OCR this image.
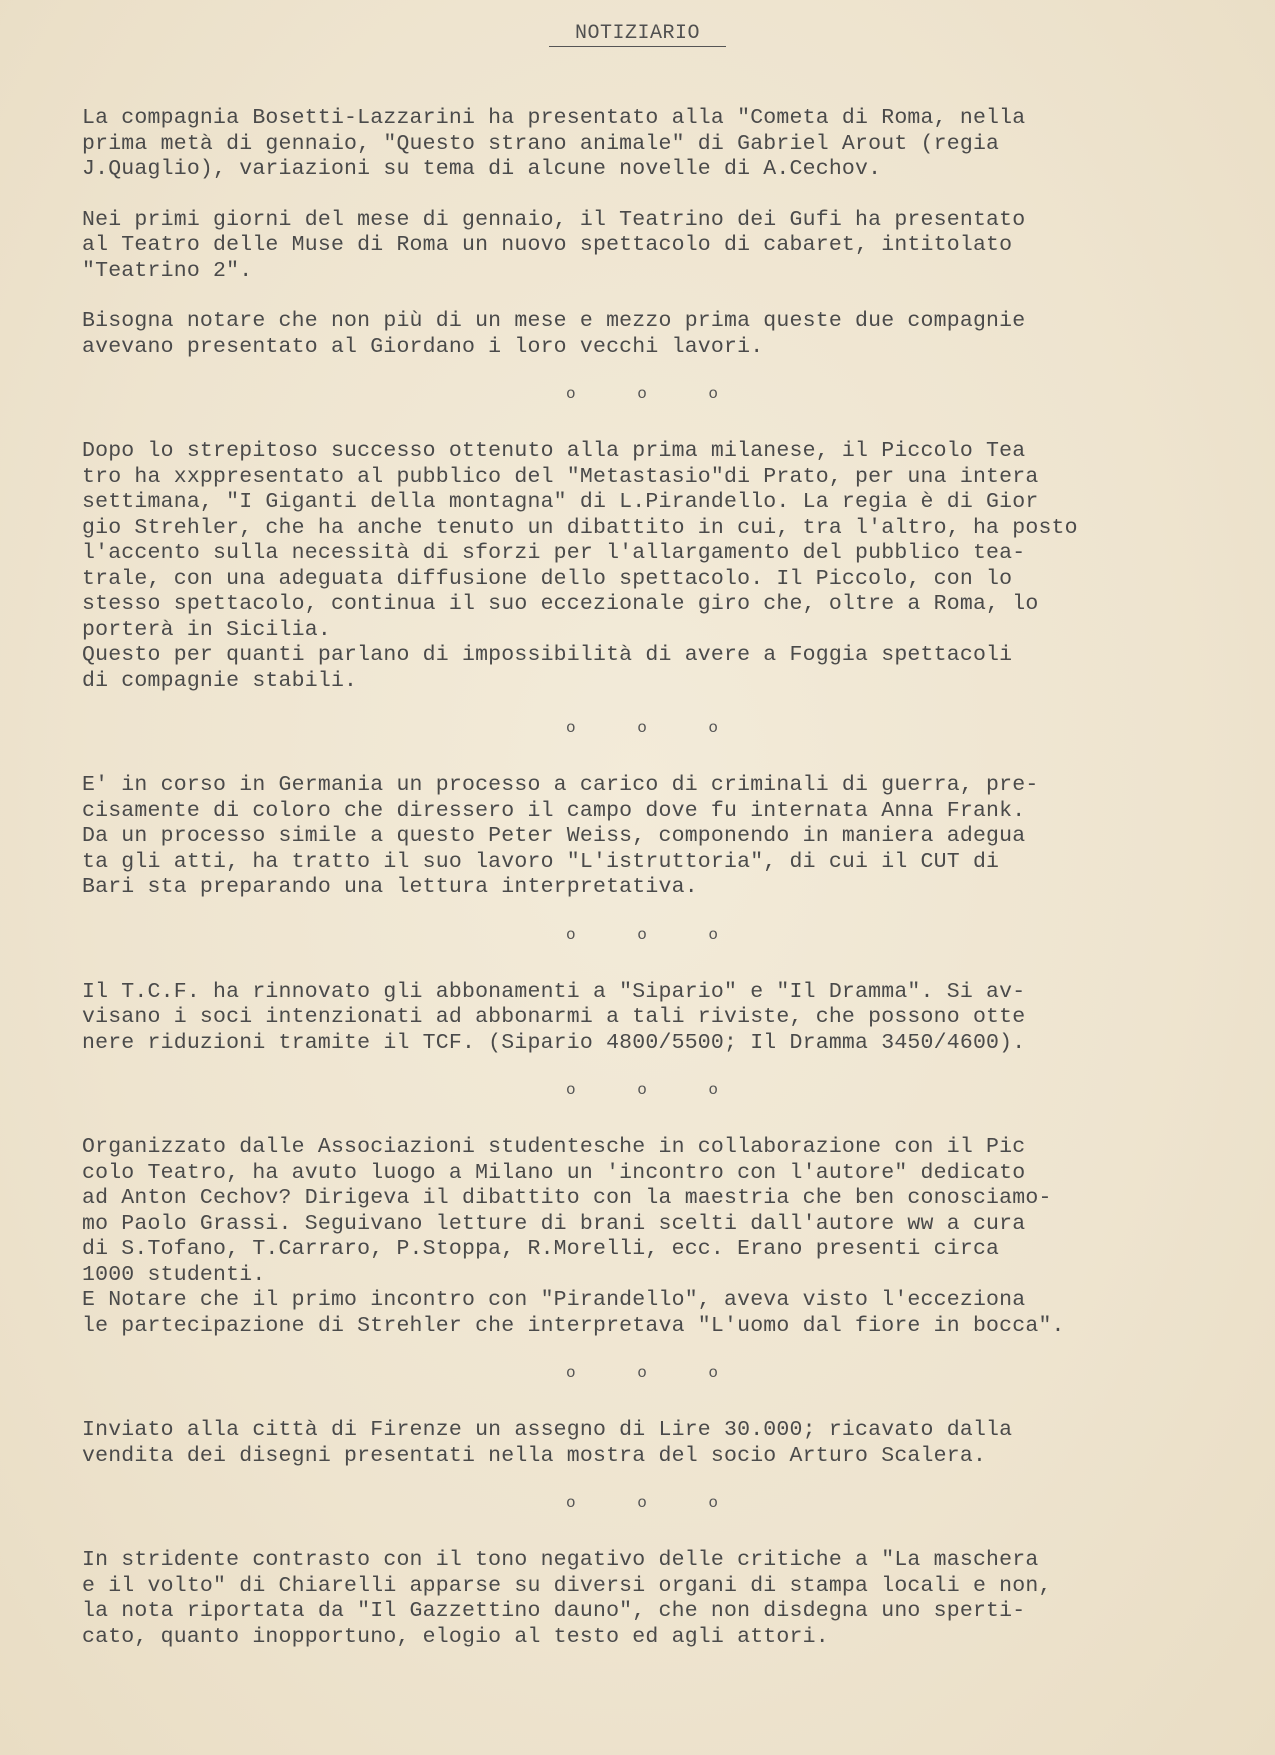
NOTIZIARIO
La compagnia Bosetti-Lazzarini ha presentato alla "Cometa di Roma, nella
prima metà di gennaio, "Questo strano animale" di Gabriel Arout (regia
J.Quaglio), variazioni su tema di alcune novelle di A.Cechov.
Nei primi giorni del mese di gennaio, il Teatrino dei Gufi ha presentato
al Teatro delle Muse di Roma un nuovo spettacolo di cabaret, intitolato
"Teatrino 2".
Bisogna notare che non più di un mese e mezzo prima queste due compagnie
avevano presentato al Giordano i loro vecchi lavori.
o o o
Dopo lo strepitoso successo ottenuto alla prima milanese, il Piccolo Tea
tro ha xxppresentato al pubblico del "Metastasio"di Prato, per una intera
settimana, "I Giganti della montagna" di L.Pirandello. La regia è di Gior
gio Strehler, che ha anche tenuto un dibattito in cui, tra l'altro, ha posto
l'accento sulla necessità di sforzi per l'allargamento del pubblico tea-
trale, con una adeguata diffusione dello spettacolo. Il Piccolo, con lo
stesso spettacolo, continua il suo eccezionale giro che, oltre a Roma, lo
porterà in Sicilia.
Questo per quanti parlano di impossibilità di avere a Foggia spettacoli
di compagnie stabili.
o o o
E' in corso in Germania un processo a carico di criminali di guerra, pre-
cisamente di coloro che diressero il campo dove fu internata Anna Frank.
Da un processo simile a questo Peter Weiss, componendo in maniera adegua
ta gli atti, ha tratto il suo lavoro "L'istruttoria", di cui il CUT di
Bari sta preparando una lettura interpretativa.
o o o
Il T.C.F. ha rinnovato gli abbonamenti a "Sipario" e "Il Dramma". Si av-
visano i soci intenzionati ad abbonarmi a tali riviste, che possono otte
nere riduzioni tramite il TCF. (Sipario 4800/5500; Il Dramma 3450/4600).
o o o
Organizzato dalle Associazioni studentesche in collaborazione con il Pic
colo Teatro, ha avuto luogo a Milano un 'incontro con l'autore" dedicato
ad Anton Cechov? Dirigeva il dibattito con la maestria che ben conosciamo-
mo Paolo Grassi. Seguivano letture di brani scelti dall'autore ww a cura
di S.Tofano, T.Carraro, P.Stoppa, R.Morelli, ecc. Erano presenti circa
1000 studenti.
E Notare che il primo incontro con "Pirandello", aveva visto l'ecceziona
le partecipazione di Strehler che interpretava "L'uomo dal fiore in bocca".
o o o
Inviato alla città di Firenze un assegno di Lire 30.000; ricavato dalla
vendita dei disegni presentati nella mostra del socio Arturo Scalera.
o o o
In stridente contrasto con il tono negativo delle critiche a "La maschera
e il volto" di Chiarelli apparse su diversi organi di stampa locali e non,
la nota riportata da "Il Gazzettino dauno", che non disdegna uno sperti-
cato, quanto inopportuno, elogio al testo ed agli attori.
